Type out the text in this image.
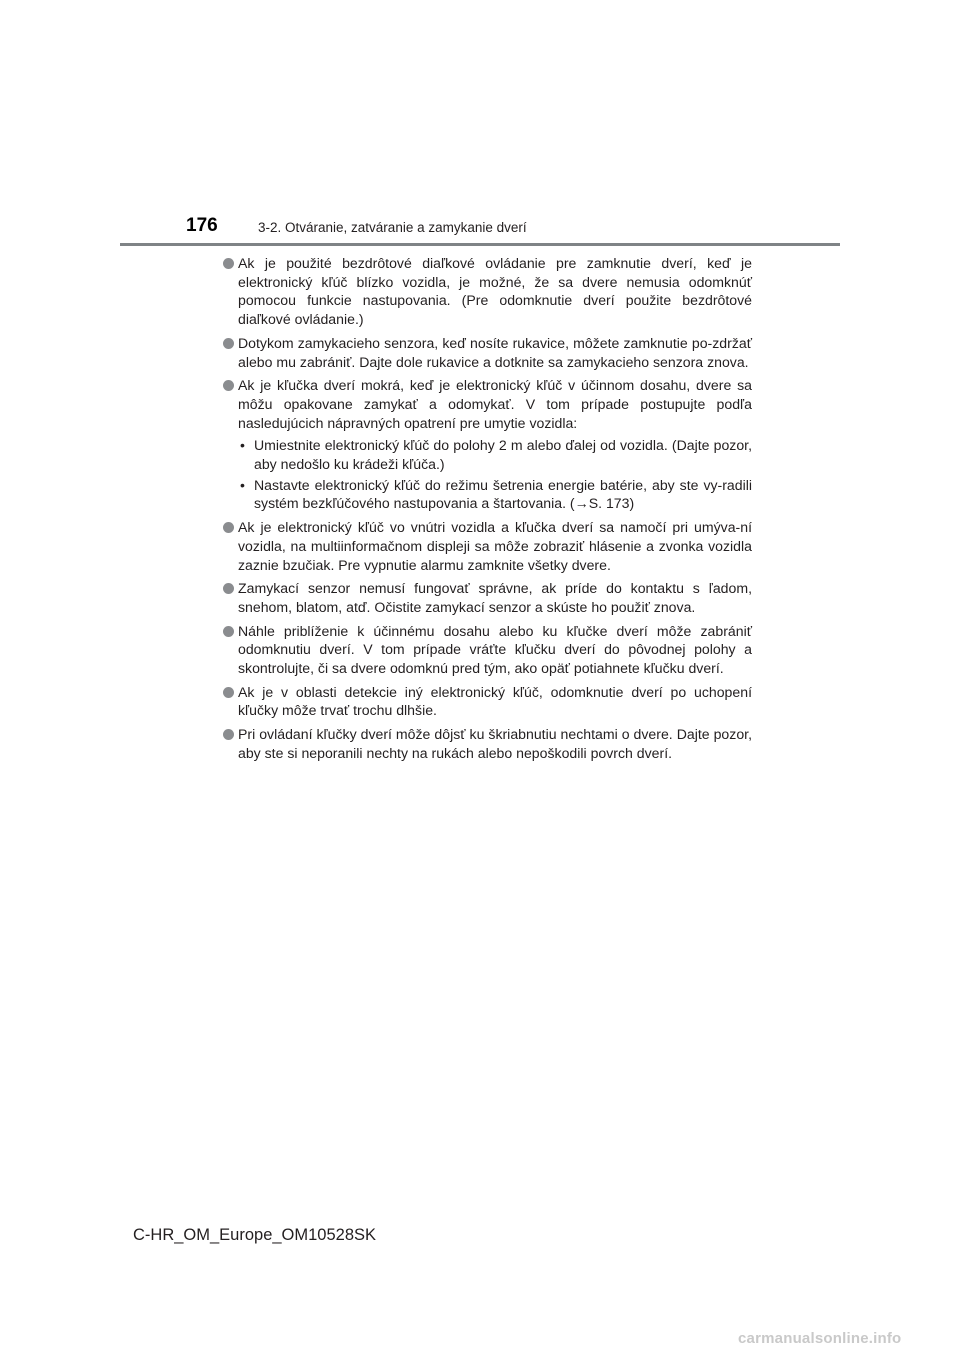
176	3-2. Otváranie, zatváranie a zamykanie dverí
Ak je použité bezdrôtové diaľkové ovládanie pre zamknutie dverí, keď je elektronický kľúč blízko vozidla, je možné, že sa dvere nemusia odomknúť pomocou funkcie nastupovania. (Pre odomknutie dverí použite bezdrôtové diaľkové ovládanie.)
Dotykom zamykacieho senzora, keď nosíte rukavice, môžete zamknutie po-zdržať alebo mu zabrániť. Dajte dole rukavice a dotknite sa zamykacieho senzora znova.
Ak je kľučka dverí mokrá, keď je elektronický kľúč v účinnom dosahu, dvere sa môžu opakovane zamykať a odomykať. V tom prípade postupujte podľa nasledujúcich nápravných opatrení pre umytie vozidla:
• Umiestnite elektronický kľúč do polohy 2 m alebo ďalej od vozidla. (Dajte pozor, aby nedošlo ku krádeži kľúča.)
• Nastavte elektronický kľúč do režimu šetrenia energie batérie, aby ste vy-radili systém bezkľúčového nastupovania a štartovania. (→S. 173)
Ak je elektronický kľúč vo vnútri vozidla a kľučka dverí sa namočí pri umýva-ní vozidla, na multiinformačnom displeji sa môže zobraziť hlásenie a zvonka vozidla zaznie bzučiak. Pre vypnutie alarmu zamknite všetky dvere.
Zamykací senzor nemusí fungovať správne, ak príde do kontaktu s ľadom, snehom, blatom, atď. Očistite zamykací senzor a skúste ho použiť znova.
Náhle priblíženie k účinnému dosahu alebo ku kľučke dverí môže zabrániť odomknutiu dverí. V tom prípade vráťte kľučku dverí do pôvodnej polohy a skontrolujte, či sa dvere odomknú pred tým, ako opäť potiahnete kľučku dverí.
Ak je v oblasti detekcie iný elektronický kľúč, odomknutie dverí po uchopení kľučky môže trvať trochu dlhšie.
Pri ovládaní kľučky dverí môže dôjsť ku škriabnutiu nechtami o dvere. Dajte pozor, aby ste si neporanili nechty na rukách alebo nepoškodili povrch dverí.
C-HR_OM_Europe_OM10528SK
carmanualsonline.info
